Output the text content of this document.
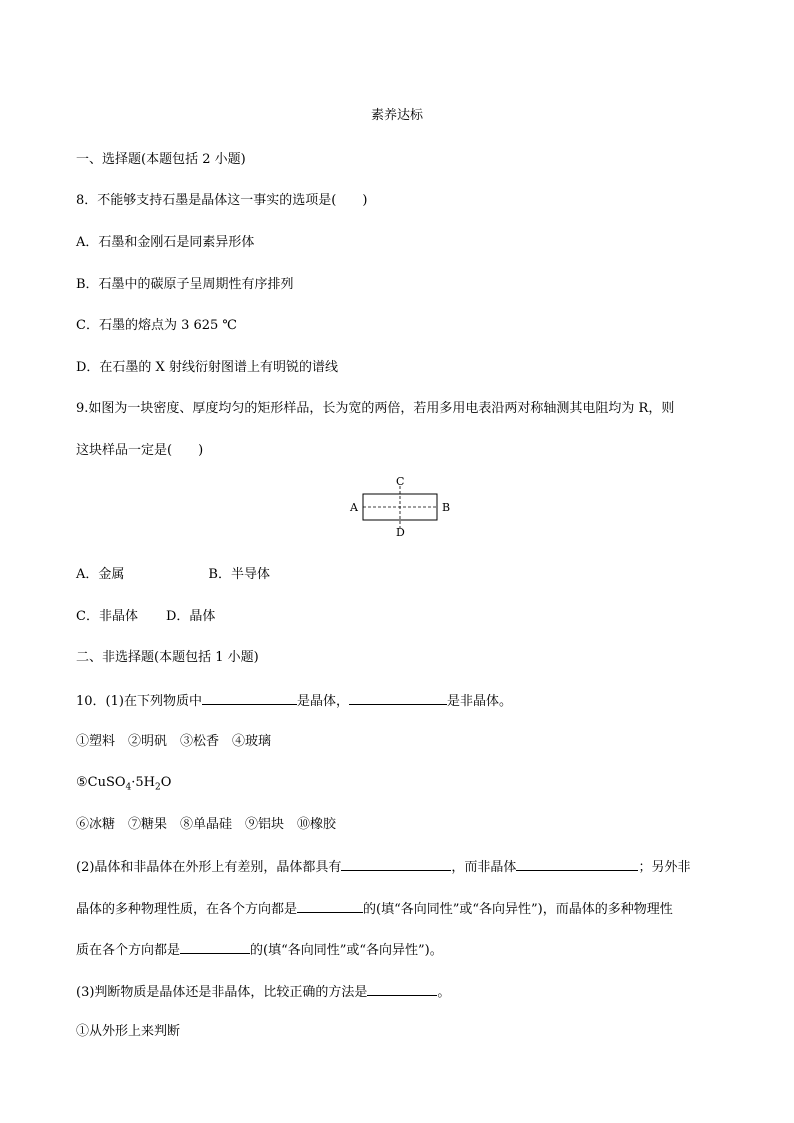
素养达标
一、选择题(本题包括 2 小题)
8．不能够支持石墨是晶体这一事实的选项是(　　)
A．石墨和金刚石是同素异形体
B．石墨中的碳原子呈周期性有序排列
C．石墨的熔点为 3 625 ℃
D．在石墨的 X 射线衍射图谱上有明锐的谱线
9.如图为一块密度、厚度均匀的矩形样品，长为宽的两倍，若用多用电表沿两对称轴测其电阻均为 R，则
这块样品一定是(　　)
C
D
A	B
A．金属	B．半导体
C．非晶体 D．晶体
二、非选择题(本题包括 1 小题)
10．(1)在下列物质中	是晶体，	是非晶体。
①塑料　②明矾　③松香　④玻璃
$⑤CuSO_4\cdot 5H_2O$
⑥冰糖　⑦糖果　⑧单晶硅　⑨铝块　⑩橡胶
(2)晶体和非晶体在外形上有差别，晶体都具有	，而非晶体	；另外非
晶体的多种物理性质，在各个方向都是	的(填“各向同性”或“各向异性”)，而晶体的多种物理性
质在各个方向都是	的(填“各向同性”或“各向异性”)。
(3)判断物质是晶体还是非晶体，比较正确的方法是	。
①从外形上来判断
